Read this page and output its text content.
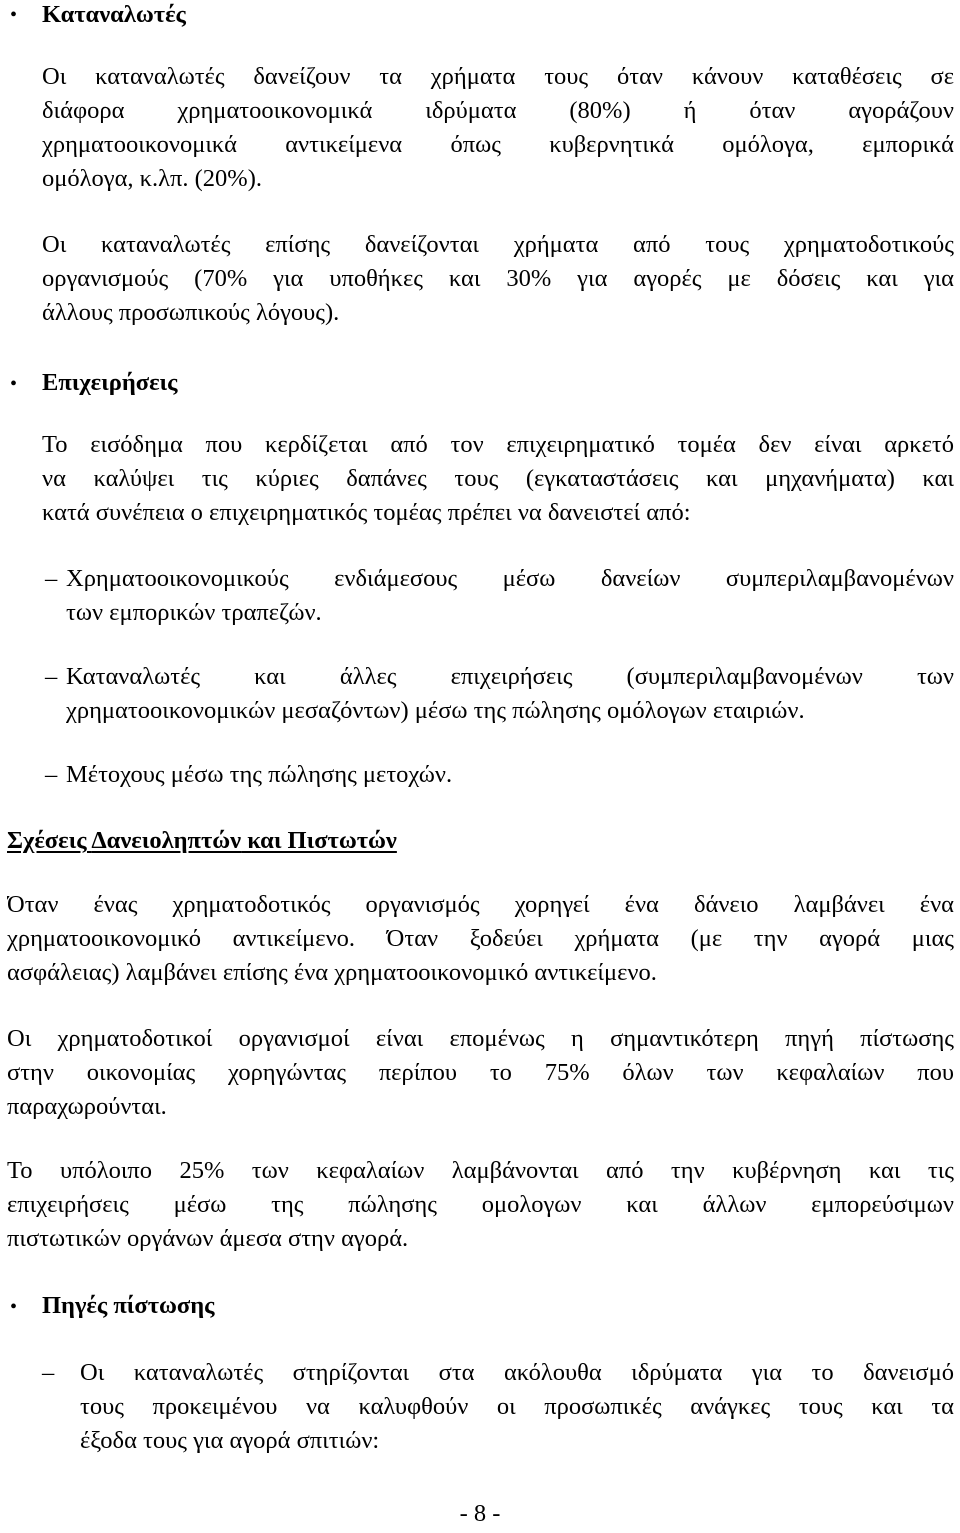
• Καταναλωτές
Οι καταναλωτές δανείζουν τα χρήματα τους όταν κάνουν καταθέσεις σε
διάφορα χρηματοοικονομικά ιδρύματα (80%) ή όταν αγοράζουν
χρηματοοικονομικά αντικείμενα όπως κυβερνητικά ομόλογα, εμπορικά
ομόλογα, κ.λπ. (20%).
Οι καταναλωτές επίσης δανείζονται χρήματα από τους χρηματοδοτικούς
οργανισμούς (70% για υποθήκες και 30% για αγορές με δόσεις και για
άλλους προσωπικούς λόγους).
• Επιχειρήσεις
Το εισόδημα που κερδίζεται από τον επιχειρηματικό τομέα δεν είναι αρκετό
να καλύψει τις κύριες δαπάνες τους (εγκαταστάσεις και μηχανήματα) και
κατά συνέπεια ο επιχειρηματικός τομέας πρέπει να δανειστεί από:
– Χρηματοοικονομικούς ενδιάμεσους μέσω δανείων συμπεριλαμβανομένων
των εμπορικών τραπεζών.
– Καταναλωτές και άλλες επιχειρήσεις (συμπεριλαμβανομένων των
χρηματοοικονομικών μεσαζόντων) μέσω της πώλησης ομόλογων εταιριών.
– Μέτοχους μέσω της πώλησης μετοχών.
Σχέσεις Δανειοληπτών και Πιστωτών
Όταν ένας χρηματοδοτικός οργανισμός χορηγεί ένα δάνειο λαμβάνει ένα
χρηματοοικονομικό αντικείμενο. Όταν ξοδεύει χρήματα (με την αγορά μιας
ασφάλειας) λαμβάνει επίσης ένα χρηματοοικονομικό αντικείμενο.
Οι χρηματοδοτικοί οργανισμοί είναι επομένως η σημαντικότερη πηγή πίστωσης
στην οικονομίας χορηγώντας περίπου το 75% όλων των κεφαλαίων που
παραχωρούνται.
Το υπόλοιπο 25% των κεφαλαίων λαμβάνονται από την κυβέρνηση και τις
επιχειρήσεις μέσω της πώλησης ομολογων και άλλων εμπορεύσιμων
πιστωτικών οργάνων άμεσα στην αγορά.
• Πηγές πίστωσης
– Οι καταναλωτές στηρίζονται στα ακόλουθα ιδρύματα για το δανεισμό
τους προκειμένου να καλυφθούν οι προσωπικές ανάγκες τους και τα
έξοδα τους για αγορά σπιτιών:
- 8 -
